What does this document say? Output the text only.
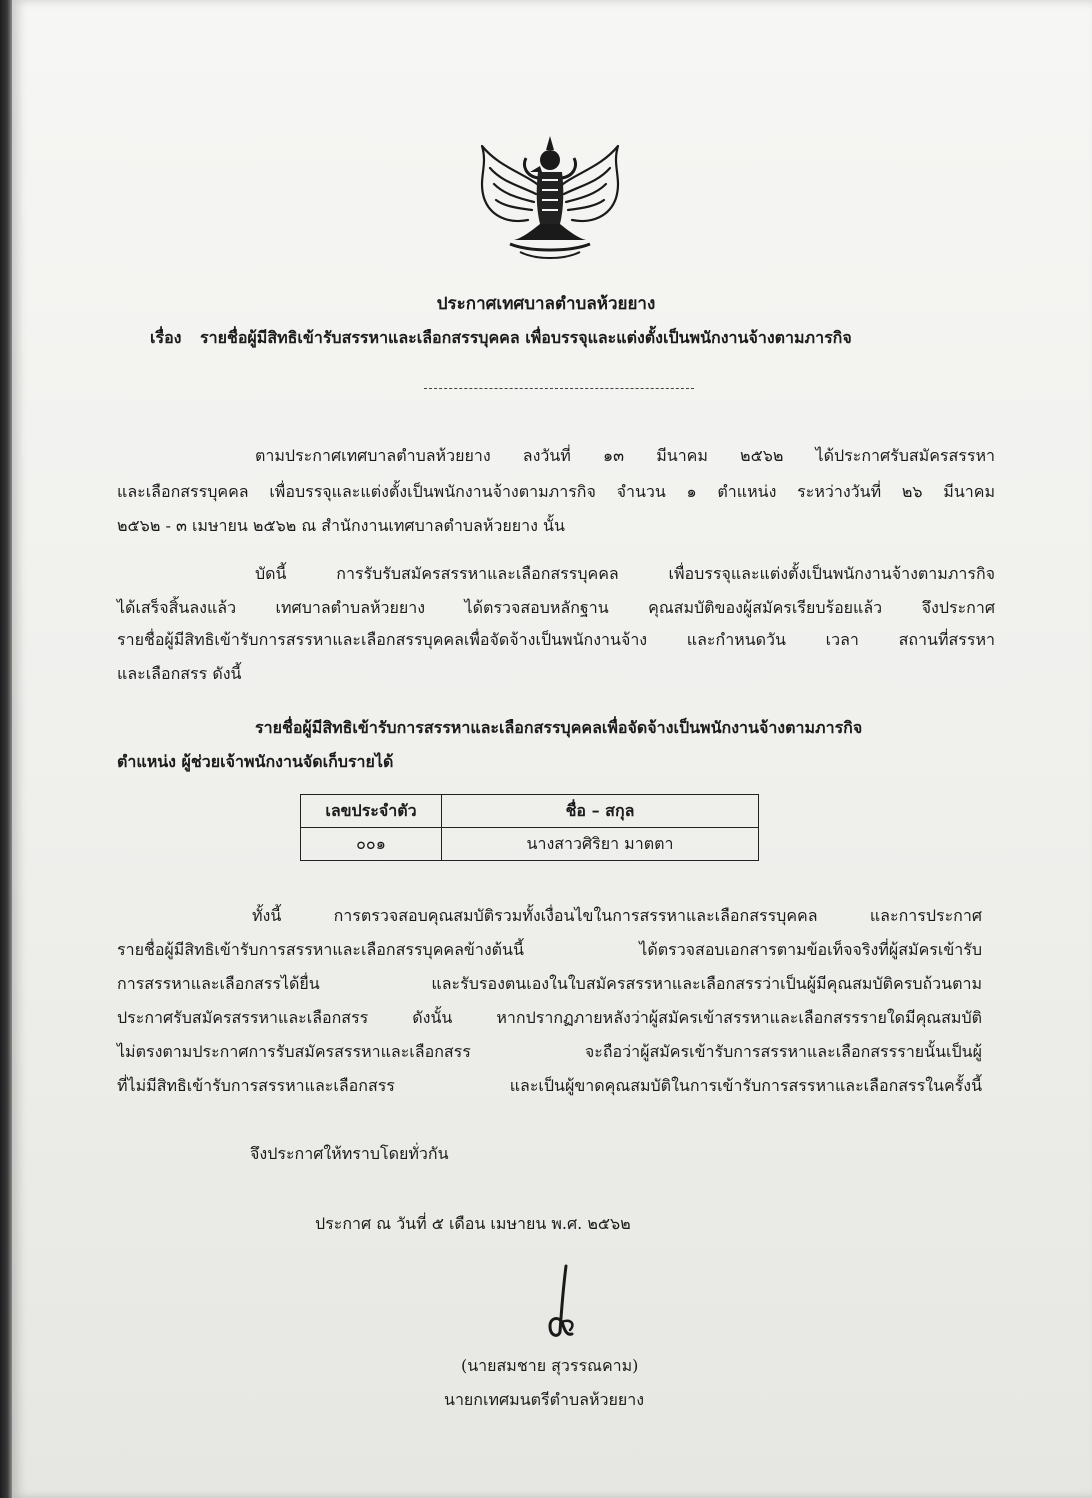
ประกาศเทศบาลตำบลห้วยยาง
เรื่อง รายชื่อผู้มีสิทธิเข้ารับสรรหาและเลือกสรรบุคคล เพื่อบรรจุและแต่งตั้งเป็นพนักงานจ้างตามภารกิจ
ตามประกาศเทศบาลตำบลห้วยยาง ลงวันที่ ๑๓ มีนาคม ๒๕๖๒ ได้ประกาศรับสมัครสรรหา
และเลือกสรรบุคคล เพื่อบรรจุและแต่งตั้งเป็นพนักงานจ้างตามภารกิจ จำนวน ๑ ตำแหน่ง ระหว่างวันที่ ๒๖ มีนาคม
๒๕๖๒ - ๓ เมษายน ๒๕๖๒ ณ สำนักงานเทศบาลตำบลห้วยยาง นั้น
บัดนี้ การรับรับสมัครสรรหาและเลือกสรรบุคคล เพื่อบรรจุและแต่งตั้งเป็นพนักงานจ้างตามภารกิจ
ได้เสร็จสิ้นลงแล้ว เทศบาลตำบลห้วยยาง ได้ตรวจสอบหลักฐาน คุณสมบัติของผู้สมัครเรียบร้อยแล้ว จึงประกาศ
รายชื่อผู้มีสิทธิเข้ารับการสรรหาและเลือกสรรบุคคลเพื่อจัดจ้างเป็นพนักงานจ้าง และกำหนดวัน เวลา สถานที่สรรหา
และเลือกสรร ดังนี้
รายชื่อผู้มีสิทธิเข้ารับการสรรหาและเลือกสรรบุคคลเพื่อจัดจ้างเป็นพนักงานจ้างตามภารกิจ
ตำแหน่ง ผู้ช่วยเจ้าพนักงานจัดเก็บรายได้
เลขประจำตัว	ชื่อ – สกุล
๐๐๑	นางสาวศิริยา มาตตา
ทั้งนี้ การตรวจสอบคุณสมบัติรวมทั้งเงื่อนไขในการสรรหาและเลือกสรรบุคคล และการประกาศ
รายชื่อผู้มีสิทธิเข้ารับการสรรหาและเลือกสรรบุคคลข้างต้นนี้ ได้ตรวจสอบเอกสารตามข้อเท็จจริงที่ผู้สมัครเข้ารับ
การสรรหาและเลือกสรรได้ยื่น และรับรองตนเองในใบสมัครสรรหาและเลือกสรรว่าเป็นผู้มีคุณสมบัติครบถ้วนตาม
ประกาศรับสมัครสรรหาและเลือกสรร ดังนั้น หากปรากฏภายหลังว่าผู้สมัครเข้าสรรหาและเลือกสรรรายใดมีคุณสมบัติ
ไม่ตรงตามประกาศการรับสมัครสรรหาและเลือกสรร จะถือว่าผู้สมัครเข้ารับการสรรหาและเลือกสรรรายนั้นเป็นผู้
ที่ไม่มีสิทธิเข้ารับการสรรหาและเลือกสรร และเป็นผู้ขาดคุณสมบัติในการเข้ารับการสรรหาและเลือกสรรในครั้งนี้
จึงประกาศให้ทราบโดยทั่วกัน
ประกาศ ณ วันที่ ๕ เดือน เมษายน พ.ศ. ๒๕๖๒
(นายสมชาย สุวรรณคาม)
นายกเทศมนตรีตำบลห้วยยาง
